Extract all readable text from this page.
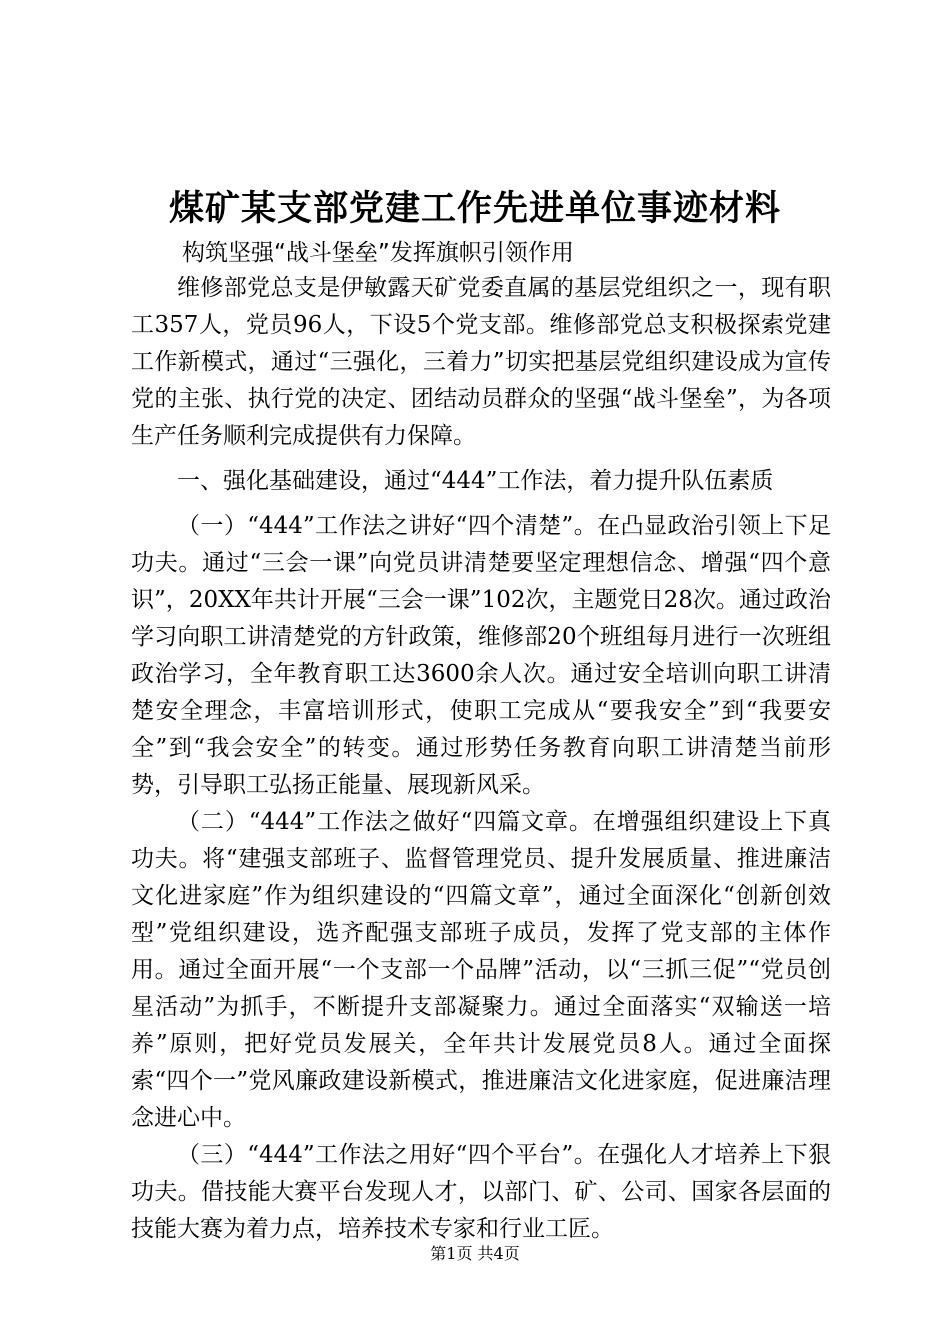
煤矿某支部党建工作先进单位事迹材料
构筑坚强“战斗堡垒”发挥旗帜引领作用

维修部党总支是伊敏露天矿党委直属的基层党组织之一，现有职工357人，党员96人，下设5个党支部。维修部党总支积极探索党建工作新模式，通过“三强化，三着力”切实把基层党组织建设成为宣传党的主张、执行党的决定、团结动员群众的坚强“战斗堡垒”，为各项生产任务顺利完成提供有力保障。

一、强化基础建设，通过“444”工作法，着力提升队伍素质

（一）“444”工作法之讲好“四个清楚”。在凸显政治引领上下足功夫。通过“三会一课”向党员讲清楚要坚定理想信念、增强“四个意识”，20XX年共计开展“三会一课”102次，主题党日28次。通过政治学习向职工讲清楚党的方针政策，维修部20个班组每月进行一次班组政治学习，全年教育职工达3600余人次。通过安全培训向职工讲清楚安全理念，丰富培训形式，使职工完成从“要我安全”到“我要安全”到“我会安全”的转变。通过形势任务教育向职工讲清楚当前形势，引导职工弘扬正能量、展现新风采。

（二）“444”工作法之做好“四篇文章。在增强组织建设上下真功夫。将“建强支部班子、监督管理党员、提升发展质量、推进廉洁文化进家庭”作为组织建设的“四篇文章”，通过全面深化“创新创效型”党组织建设，选齐配强支部班子成员，发挥了党支部的主体作用。通过全面开展“一个支部一个品牌”活动，以“三抓三促”“党员创星活动”为抓手，不断提升支部凝聚力。通过全面落实“双输送一培养”原则，把好党员发展关，全年共计发展党员8人。通过全面探索“四个一”党风廉政建设新模式，推进廉洁文化进家庭，促进廉洁理念进心中。

（三）“444”工作法之用好“四个平台”。在强化人才培养上下狠功夫。借技能大赛平台发现人才，以部门、矿、公司、国家各层面的技能大赛为着力点，培养技术专家和行业工匠。

第1页 共4页
